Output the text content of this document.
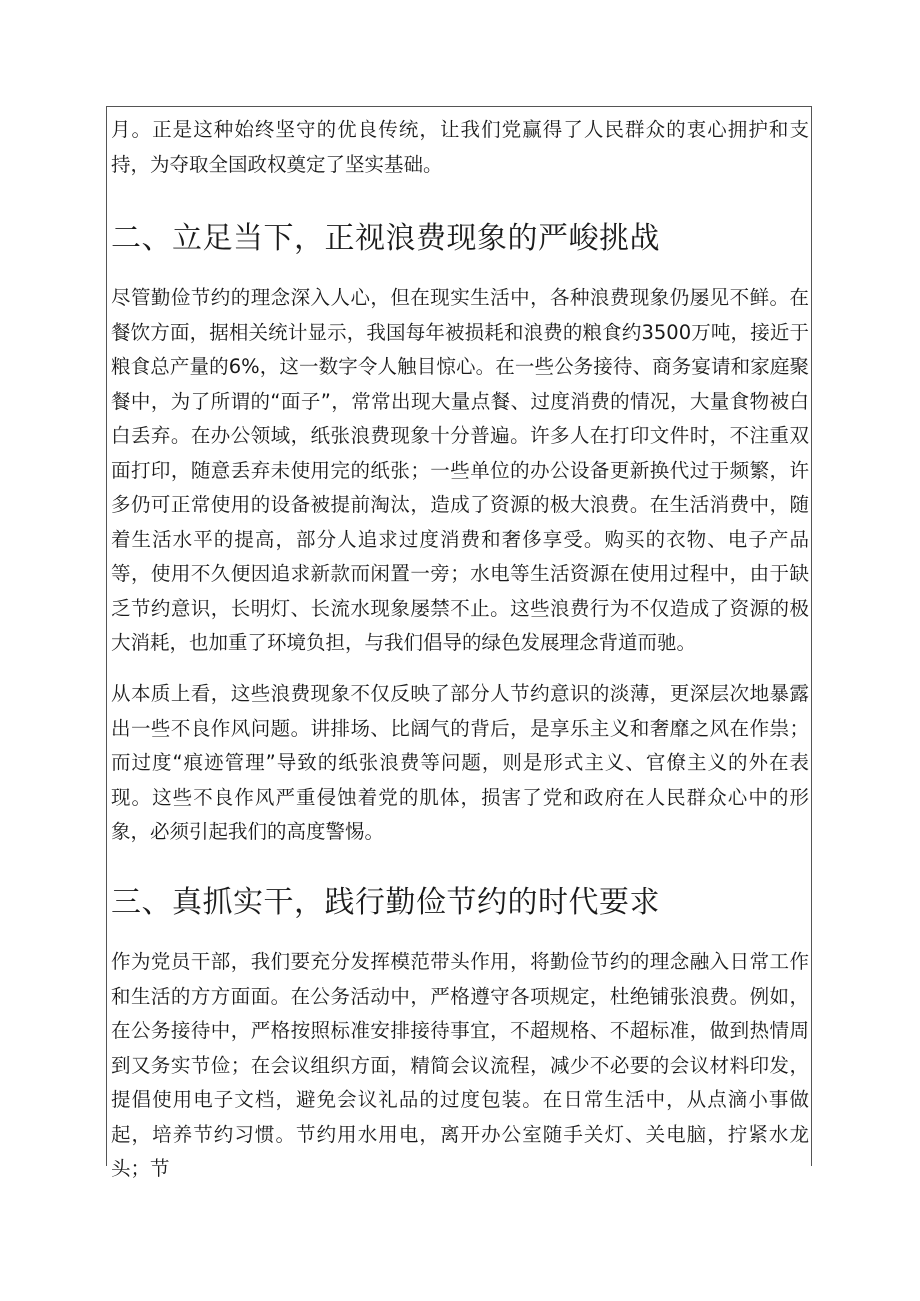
月。正是这种始终坚守的优良传统，让我们党赢得了人民群众的衷心拥护和支持，为夺取全国政权奠定了坚实基础。

二、立足当下，正视浪费现象的严峻挑战

尽管勤俭节约的理念深入人心，但在现实生活中，各种浪费现象仍屡见不鲜。在餐饮方面，据相关统计显示，我国每年被损耗和浪费的粮食约3500万吨，接近于粮食总产量的6%，这一数字令人触目惊心。在一些公务接待、商务宴请和家庭聚餐中，为了所谓的“面子”，常常出现大量点餐、过度消费的情况，大量食物被白白丢弃。在办公领域，纸张浪费现象十分普遍。许多人在打印文件时，不注重双面打印，随意丢弃未使用完的纸张；一些单位的办公设备更新换代过于频繁，许多仍可正常使用的设备被提前淘汰，造成了资源的极大浪费。在生活消费中，随着生活水平的提高，部分人追求过度消费和奢侈享受。购买的衣物、电子产品等，使用不久便因追求新款而闲置一旁；水电等生活资源在使用过程中，由于缺乏节约意识，长明灯、长流水现象屡禁不止。这些浪费行为不仅造成了资源的极大消耗，也加重了环境负担，与我们倡导的绿色发展理念背道而驰。

从本质上看，这些浪费现象不仅反映了部分人节约意识的淡薄，更深层次地暴露出一些不良作风问题。讲排场、比阔气的背后，是享乐主义和奢靡之风在作祟；而过度“痕迹管理”导致的纸张浪费等问题，则是形式主义、官僚主义的外在表现。这些不良作风严重侵蚀着党的肌体，损害了党和政府在人民群众心中的形象，必须引起我们的高度警惕。

三、真抓实干，践行勤俭节约的时代要求

作为党员干部，我们要充分发挥模范带头作用，将勤俭节约的理念融入日常工作和生活的方方面面。在公务活动中，严格遵守各项规定，杜绝铺张浪费。例如，在公务接待中，严格按照标准安排接待事宜，不超规格、不超标准，做到热情周到又务实节俭；在会议组织方面，精简会议流程，减少不必要的会议材料印发，提倡使用电子文档，避免会议礼品的过度包装。在日常生活中，从点滴小事做起，培养节约习惯。节约用水用电，离开办公室随手关灯、关电脑，拧紧水龙头；节
